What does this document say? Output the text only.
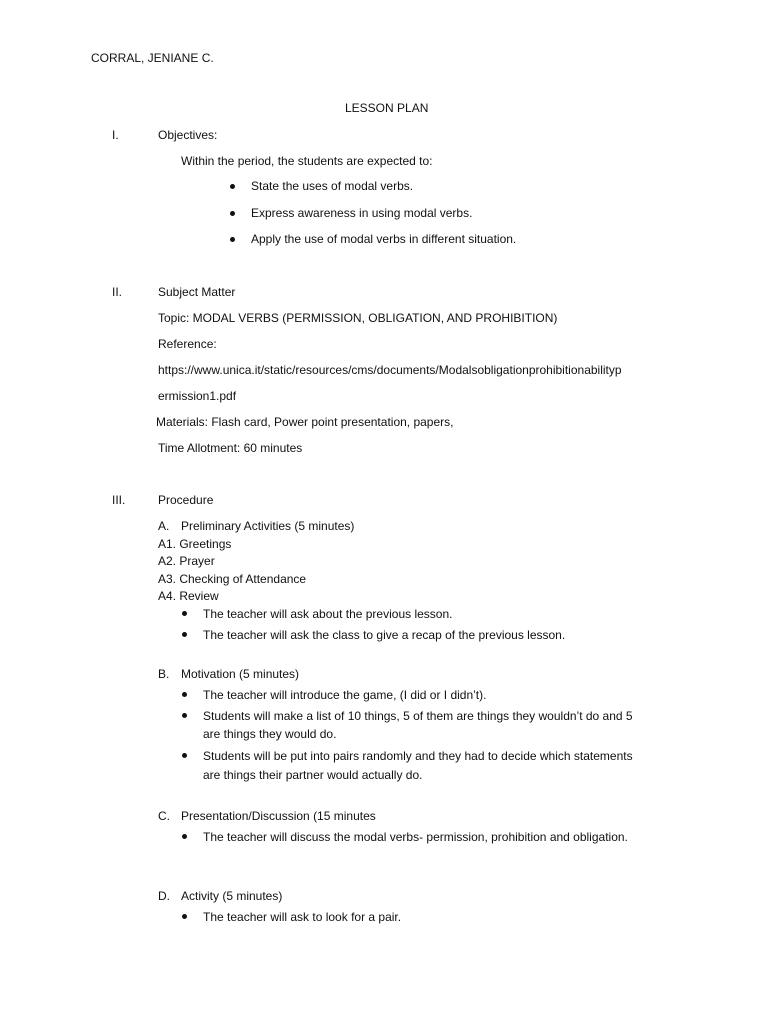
CORRAL, JENIANE C.
LESSON PLAN
I.	Objectives:
Within the period, the students are expected to:
State the uses of modal verbs.
Express awareness in using modal verbs.
Apply the use of modal verbs in different situation.
II.	Subject Matter
Topic: MODAL VERBS (PERMISSION, OBLIGATION, AND PROHIBITION)
Reference:
https://www.unica.it/static/resources/cms/documents/Modalsobligationprohibitionabilityp
ermission1.pdf
Materials: Flash card, Power point presentation, papers,
Time Allotment: 60 minutes
III.	Procedure
A. Preliminary Activities (5 minutes)
A1. Greetings
A2. Prayer
A3. Checking of Attendance
A4. Review
The teacher will ask about the previous lesson.
The teacher will ask the class to give a recap of the previous lesson.
B. Motivation (5 minutes)
The teacher will introduce the game, (I did or I didn’t).
Students will make a list of 10 things, 5 of them are things they wouldn’t do and 5
are things they would do.
Students will be put into pairs randomly and they had to decide which statements
are things their partner would actually do.
C. Presentation/Discussion (15 minutes
The teacher will discuss the modal verbs- permission, prohibition and obligation.
D. Activity (5 minutes)
The teacher will ask to look for a pair.
